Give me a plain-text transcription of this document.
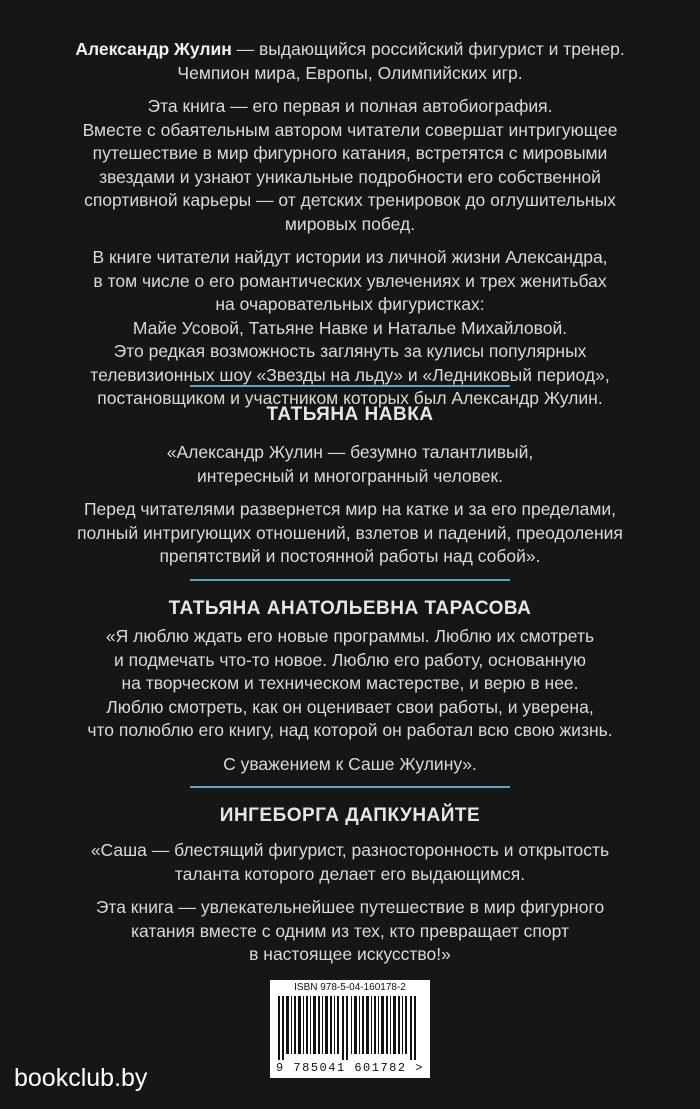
Александр Жулин — выдающийся российский фигурист и тренер.
Чемпион мира, Европы, Олимпийских игр.

Эта книга — его первая и полная автобиография.
Вместе с обаятельным автором читатели совершат интригующее
путешествие в мир фигурного катания, встретятся с мировыми
звездами и узнают уникальные подробности его собственной
спортивной карьеры — от детских тренировок до оглушительных
мировых побед.

В книге читатели найдут истории из личной жизни Александра,
в том числе о его романтических увлечениях и трех женитьбах
на очаровательных фигуристках:
Майе Усовой, Татьяне Навке и Наталье Михайловой.
Это редкая возможность заглянуть за кулисы популярных
телевизионных шоу «Звезды на льду» и «Ледниковый период»,
постановщиком и участником которых был Александр Жулин.

ТАТЬЯНА НАВКА

«Александр Жулин — безумно талантливый,
интересный и многогранный человек.

Перед читателями развернется мир на катке и за его пределами,
полный интригующих отношений, взлетов и падений, преодоления
препятствий и постоянной работы над собой».

ТАТЬЯНА АНАТОЛЬЕВНА ТАРАСОВА

«Я люблю ждать его новые программы. Люблю их смотреть
и подмечать что-то новое. Люблю его работу, основанную
на творческом и техническом мастерстве, и верю в нее.
Люблю смотреть, как он оценивает свои работы, и уверена,
что полюблю его книгу, над которой он работал всю свою жизнь.

С уважением к Саше Жулину».

ИНГЕБОРГА ДАПКУНАЙТЕ

«Саша — блестящий фигурист, разносторонность и открытость
таланта которого делает его выдающимся.

Эта книга — увлекательнейшее путешествие в мир фигурного
катания вместе с одним из тех, кто превращает спорт
в настоящее искусство!»

ISBN 978-5-04-160178-2
9 785041 601782 >
bookclub.by
